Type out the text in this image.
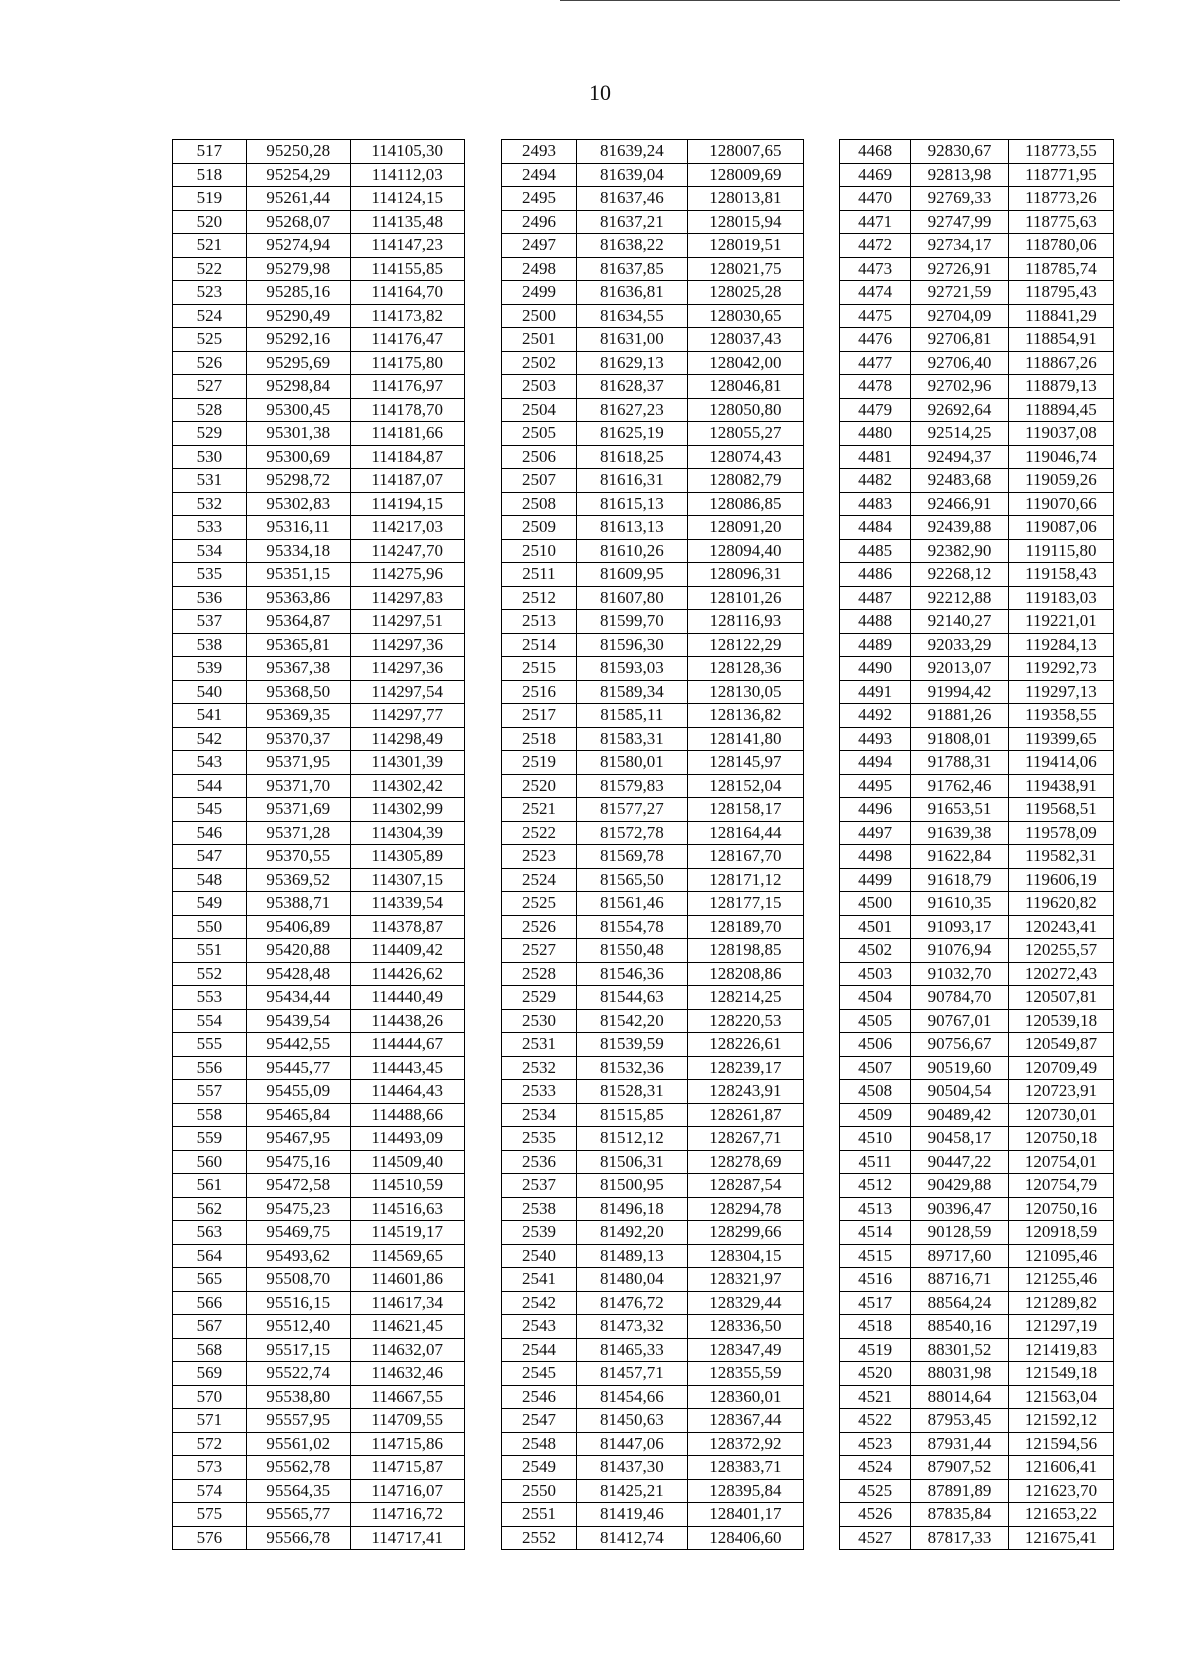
10
517	95250,28	114105,30		2493	81639,24	128007,65		4468	92830,67	118773,55
518	95254,29	114112,03		2494	81639,04	128009,69		4469	92813,98	118771,95
519	95261,44	114124,15		2495	81637,46	128013,81		4470	92769,33	118773,26
520	95268,07	114135,48		2496	81637,21	128015,94		4471	92747,99	118775,63
521	95274,94	114147,23		2497	81638,22	128019,51		4472	92734,17	118780,06
522	95279,98	114155,85		2498	81637,85	128021,75		4473	92726,91	118785,74
523	95285,16	114164,70		2499	81636,81	128025,28		4474	92721,59	118795,43
524	95290,49	114173,82		2500	81634,55	128030,65		4475	92704,09	118841,29
525	95292,16	114176,47		2501	81631,00	128037,43		4476	92706,81	118854,91
526	95295,69	114175,80		2502	81629,13	128042,00		4477	92706,40	118867,26
527	95298,84	114176,97		2503	81628,37	128046,81		4478	92702,96	118879,13
528	95300,45	114178,70		2504	81627,23	128050,80		4479	92692,64	118894,45
529	95301,38	114181,66		2505	81625,19	128055,27		4480	92514,25	119037,08
530	95300,69	114184,87		2506	81618,25	128074,43		4481	92494,37	119046,74
531	95298,72	114187,07		2507	81616,31	128082,79		4482	92483,68	119059,26
532	95302,83	114194,15		2508	81615,13	128086,85		4483	92466,91	119070,66
533	95316,11	114217,03		2509	81613,13	128091,20		4484	92439,88	119087,06
534	95334,18	114247,70		2510	81610,26	128094,40		4485	92382,90	119115,80
535	95351,15	114275,96		2511	81609,95	128096,31		4486	92268,12	119158,43
536	95363,86	114297,83		2512	81607,80	128101,26		4487	92212,88	119183,03
537	95364,87	114297,51		2513	81599,70	128116,93		4488	92140,27	119221,01
538	95365,81	114297,36		2514	81596,30	128122,29		4489	92033,29	119284,13
539	95367,38	114297,36		2515	81593,03	128128,36		4490	92013,07	119292,73
540	95368,50	114297,54		2516	81589,34	128130,05		4491	91994,42	119297,13
541	95369,35	114297,77		2517	81585,11	128136,82		4492	91881,26	119358,55
542	95370,37	114298,49		2518	81583,31	128141,80		4493	91808,01	119399,65
543	95371,95	114301,39		2519	81580,01	128145,97		4494	91788,31	119414,06
544	95371,70	114302,42		2520	81579,83	128152,04		4495	91762,46	119438,91
545	95371,69	114302,99		2521	81577,27	128158,17		4496	91653,51	119568,51
546	95371,28	114304,39		2522	81572,78	128164,44		4497	91639,38	119578,09
547	95370,55	114305,89		2523	81569,78	128167,70		4498	91622,84	119582,31
548	95369,52	114307,15		2524	81565,50	128171,12		4499	91618,79	119606,19
549	95388,71	114339,54		2525	81561,46	128177,15		4500	91610,35	119620,82
550	95406,89	114378,87		2526	81554,78	128189,70		4501	91093,17	120243,41
551	95420,88	114409,42		2527	81550,48	128198,85		4502	91076,94	120255,57
552	95428,48	114426,62		2528	81546,36	128208,86		4503	91032,70	120272,43
553	95434,44	114440,49		2529	81544,63	128214,25		4504	90784,70	120507,81
554	95439,54	114438,26		2530	81542,20	128220,53		4505	90767,01	120539,18
555	95442,55	114444,67		2531	81539,59	128226,61		4506	90756,67	120549,87
556	95445,77	114443,45		2532	81532,36	128239,17		4507	90519,60	120709,49
557	95455,09	114464,43		2533	81528,31	128243,91		4508	90504,54	120723,91
558	95465,84	114488,66		2534	81515,85	128261,87		4509	90489,42	120730,01
559	95467,95	114493,09		2535	81512,12	128267,71		4510	90458,17	120750,18
560	95475,16	114509,40		2536	81506,31	128278,69		4511	90447,22	120754,01
561	95472,58	114510,59		2537	81500,95	128287,54		4512	90429,88	120754,79
562	95475,23	114516,63		2538	81496,18	128294,78		4513	90396,47	120750,16
563	95469,75	114519,17		2539	81492,20	128299,66		4514	90128,59	120918,59
564	95493,62	114569,65		2540	81489,13	128304,15		4515	89717,60	121095,46
565	95508,70	114601,86		2541	81480,04	128321,97		4516	88716,71	121255,46
566	95516,15	114617,34		2542	81476,72	128329,44		4517	88564,24	121289,82
567	95512,40	114621,45		2543	81473,32	128336,50		4518	88540,16	121297,19
568	95517,15	114632,07		2544	81465,33	128347,49		4519	88301,52	121419,83
569	95522,74	114632,46		2545	81457,71	128355,59		4520	88031,98	121549,18
570	95538,80	114667,55		2546	81454,66	128360,01		4521	88014,64	121563,04
571	95557,95	114709,55		2547	81450,63	128367,44		4522	87953,45	121592,12
572	95561,02	114715,86		2548	81447,06	128372,92		4523	87931,44	121594,56
573	95562,78	114715,87		2549	81437,30	128383,71		4524	87907,52	121606,41
574	95564,35	114716,07		2550	81425,21	128395,84		4525	87891,89	121623,70
575	95565,77	114716,72		2551	81419,46	128401,17		4526	87835,84	121653,22
576	95566,78	114717,41		2552	81412,74	128406,60		4527	87817,33	121675,41
